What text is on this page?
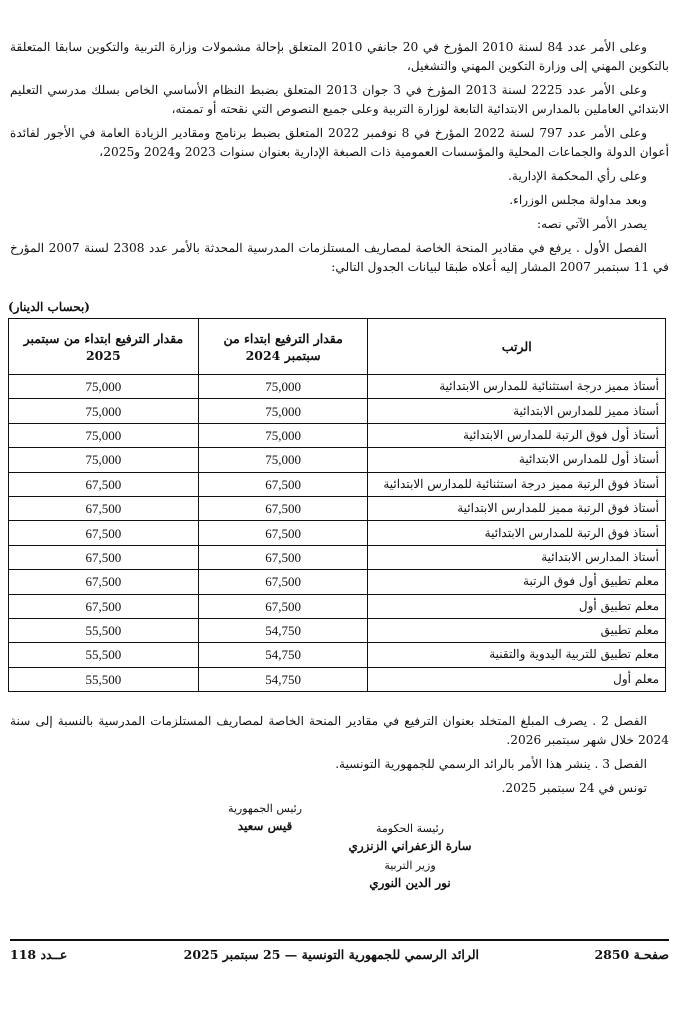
وعلى الأمر عدد 84 لسنة 2010 المؤرخ في 20 جانفي 2010 المتعلق بإحالة مشمولات وزارة التربية والتكوين سابقا المتعلقة بالتكوين المهني إلى وزارة التكوين المهني والتشغيل،

وعلى الأمر عدد 2225 لسنة 2013 المؤرخ في 3 جوان 2013 المتعلق بضبط النظام الأساسي الخاص بسلك مدرسي التعليم الابتدائي العاملين بالمدارس الابتدائية التابعة لوزارة التربية وعلى جميع النصوص التي نقحته أو تممته،

وعلى الأمر عدد 797 لسنة 2022 المؤرخ في 8 نوفمبر 2022 المتعلق بضبط برنامج ومقادير الزيادة العامة في الأجور لفائدة أعوان الدولة والجماعات المحلية والمؤسسات العمومية ذات الصبغة الإدارية بعنوان سنوات 2023 و2024 و2025،

وعلى رأي المحكمة الإدارية.

وبعد مداولة مجلس الوزراء.

يصدر الأمر الآتي نصه:

الفصل الأول . يرفع في مقادير المنحة الخاصة لمصاريف المستلزمات المدرسية المحدثة بالأمر عدد 2308 لسنة 2007 المؤرخ في 11 سبتمبر 2007 المشار إليه أعلاه طبقا لبيانات الجدول التالي:

(بحساب الدينار)
الرتب	مقدار الترفيع ابتداء من سبتمبر 2024	مقدار الترفيع ابتداء من سبتمبر 2025
أستاذ مميز درجة استثنائية للمدارس الابتدائية	75,000	75,000
أستاذ مميز للمدارس الابتدائية	75,000	75,000
أستاذ أول فوق الرتبة للمدارس الابتدائية	75,000	75,000
أستاذ أول للمدارس الابتدائية	75,000	75,000
أستاذ فوق الرتبة مميز درجة استثنائية للمدارس الابتدائية	67,500	67,500
أستاذ فوق الرتبة مميز للمدارس الابتدائية	67,500	67,500
أستاذ فوق الرتبة للمدارس الابتدائية	67,500	67,500
أستاذ المدارس الابتدائية	67,500	67,500
معلم تطبيق أول فوق الرتبة	67,500	67,500
معلم تطبيق أول	67,500	67,500
معلم تطبيق	54,750	55,500
معلم تطبيق للتربية اليدوية والتقنية	54,750	55,500
معلم أول	54,750	55,500

الفصل 2 . يصرف المبلغ المتخلد بعنوان الترفيع في مقادير المنحة الخاصة لمصاريف المستلزمات المدرسية بالنسبة إلى سنة 2024 خلال شهر سبتمبر 2026.

الفصل 3 . ينشر هذا الأمر بالرائد الرسمي للجمهورية التونسية.

تونس في 24 سبتمبر 2025.

رئيس الجمهورية
قيس سعيد	رئيسة الحكومة
سارة الزعفراني الزنزري
وزير التربية
نور الدين النوري
صفحـة 2850
الرائد الرسمي للجمهورية التونسية — 25 سبتمبر 2025
عــدد 118
